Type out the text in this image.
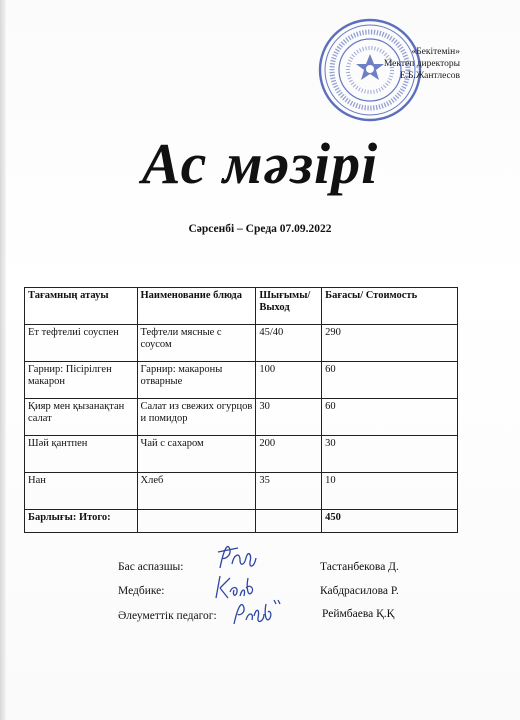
«Бекітемін»
Мектеп директоры
Е.Б.Жантлесов
Ас мәзірі
Сәрсенбі – Среда 07.09.2022
Тағамның атауы	Наименование блюда	Шығымы/ Выход	Бағасы/ Стоимость
Ет тефтелиі соуспен	Тефтели мясные с соусом	45/40	290
Гарнир: Пісірілген макарон	Гарнир: макароны отварные	100	60
Қияр мен қызанақтан салат	Салат из свежих огурцов и помидор	30	60
Шәй қантпен	Чай с сахаром	200	30
Нан	Хлеб	35	10
Барлығы: Итого:			450
Бас аспазшы:	Тастанбекова Д.
Медбике:	Кабдрасилова Р.
Әлеуметтік педагог:	Реймбаева Қ.Қ
